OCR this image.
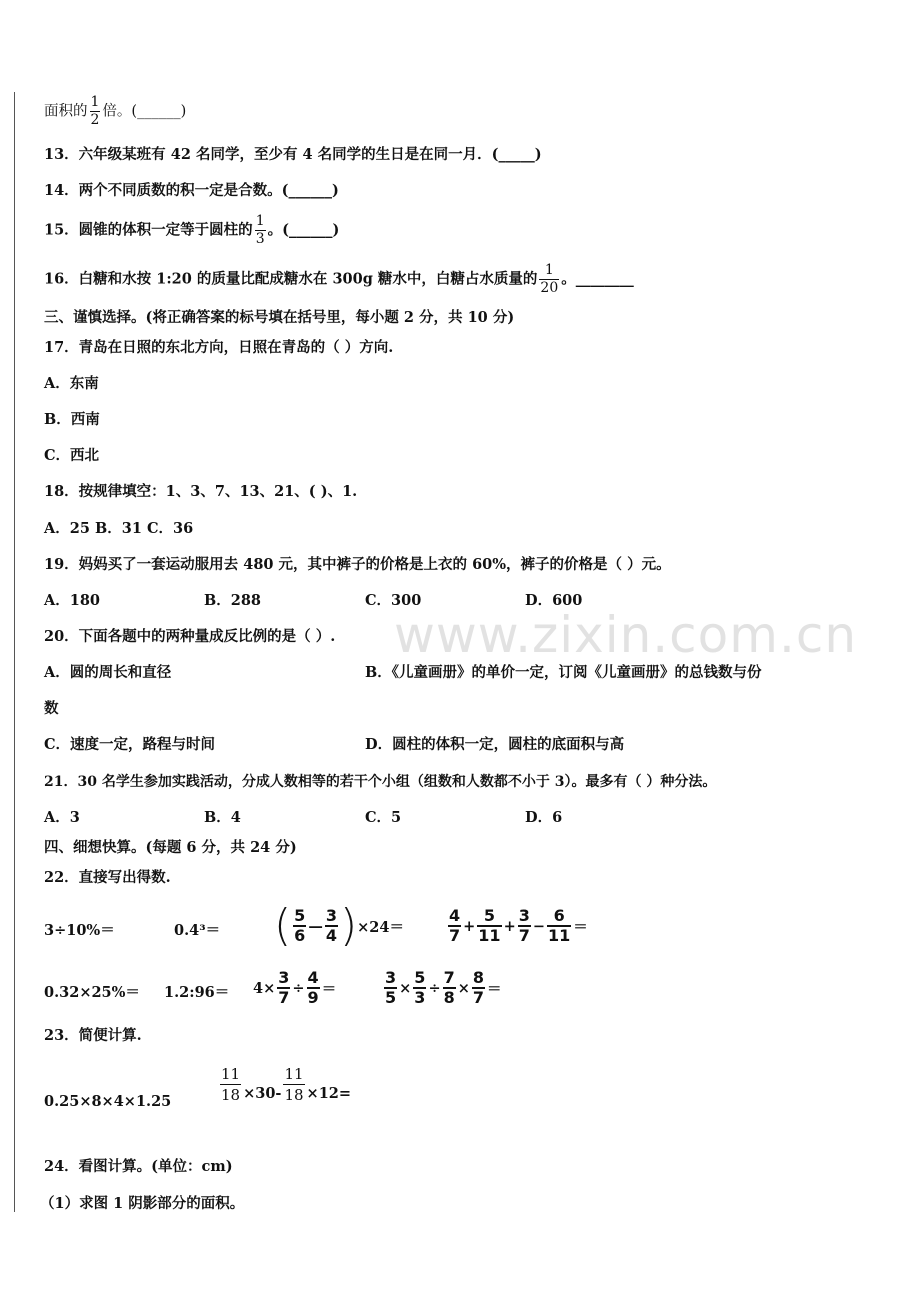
www.zixin.com.cn
面积的 $\frac{1}{2}$ 倍。(______)
13．六年级某班有 42 名同学，至少有 4 名同学的生日是在同一月．(_____)
14．两个不同质数的积一定是合数。(______)
15．圆锥的体积一定等于圆柱的 $\frac{1}{3}$ 。(______)
16．白糖和水按 1:20 的质量比配成糖水在 300g 糖水中，白糖占水质量的 $\frac{1}{20}$ 。________
三、谨慎选择。(将正确答案的标号填在括号里，每小题 2 分，共 10 分)
17．青岛在日照的东北方向，日照在青岛的（ ）方向.
A．东南
B．西南
C．西北
18．按规律填空：1、3、7、13、21、( )、1.
A．25 B．31 C．36
19．妈妈买了一套运动服用去 480 元，其中裤子的价格是上衣的 60%，裤子的价格是（ ）元。
A．180	B．288	C．300	D．600
20．下面各题中的两种量成反比例的是（ ）.
A．圆的周长和直径	B．《儿童画册》的单价一定，订阅《儿童画册》的总钱数与份
数
C．速度一定，路程与时间	D．圆柱的体积一定，圆柱的底面积与高
21．30 名学生参加实践活动，分成人数相等的若干个小组（组数和人数都不小于 3）。最多有（ ）种分法。
A．3	B．4	C．5	D．6
四、细想快算。(每题 6 分，共 24 分)
22．直接写出得数.
3÷10%＝	0.4³＝ ( $\frac{5}{6}$ — $\frac{3}{4}$ ) ×24＝	$\frac{4}{7} + \frac{5}{11} + \frac{3}{7} - \frac{6}{11}$ ＝
0.32×25%＝ 1.2:96＝ $4\times \frac{3}{7} \div \frac{4}{9}$ ＝	$\frac{3}{5} \times \frac{5}{3} \div \frac{7}{8} \times \frac{8}{7}$ ＝
23．简便计算.
0.25×8×4×1.25	$\frac{11}{18} \times 30- \frac{11}{18} \times 12=$
24．看图计算。(单位：cm)
（1）求图 1 阴影部分的面积。
